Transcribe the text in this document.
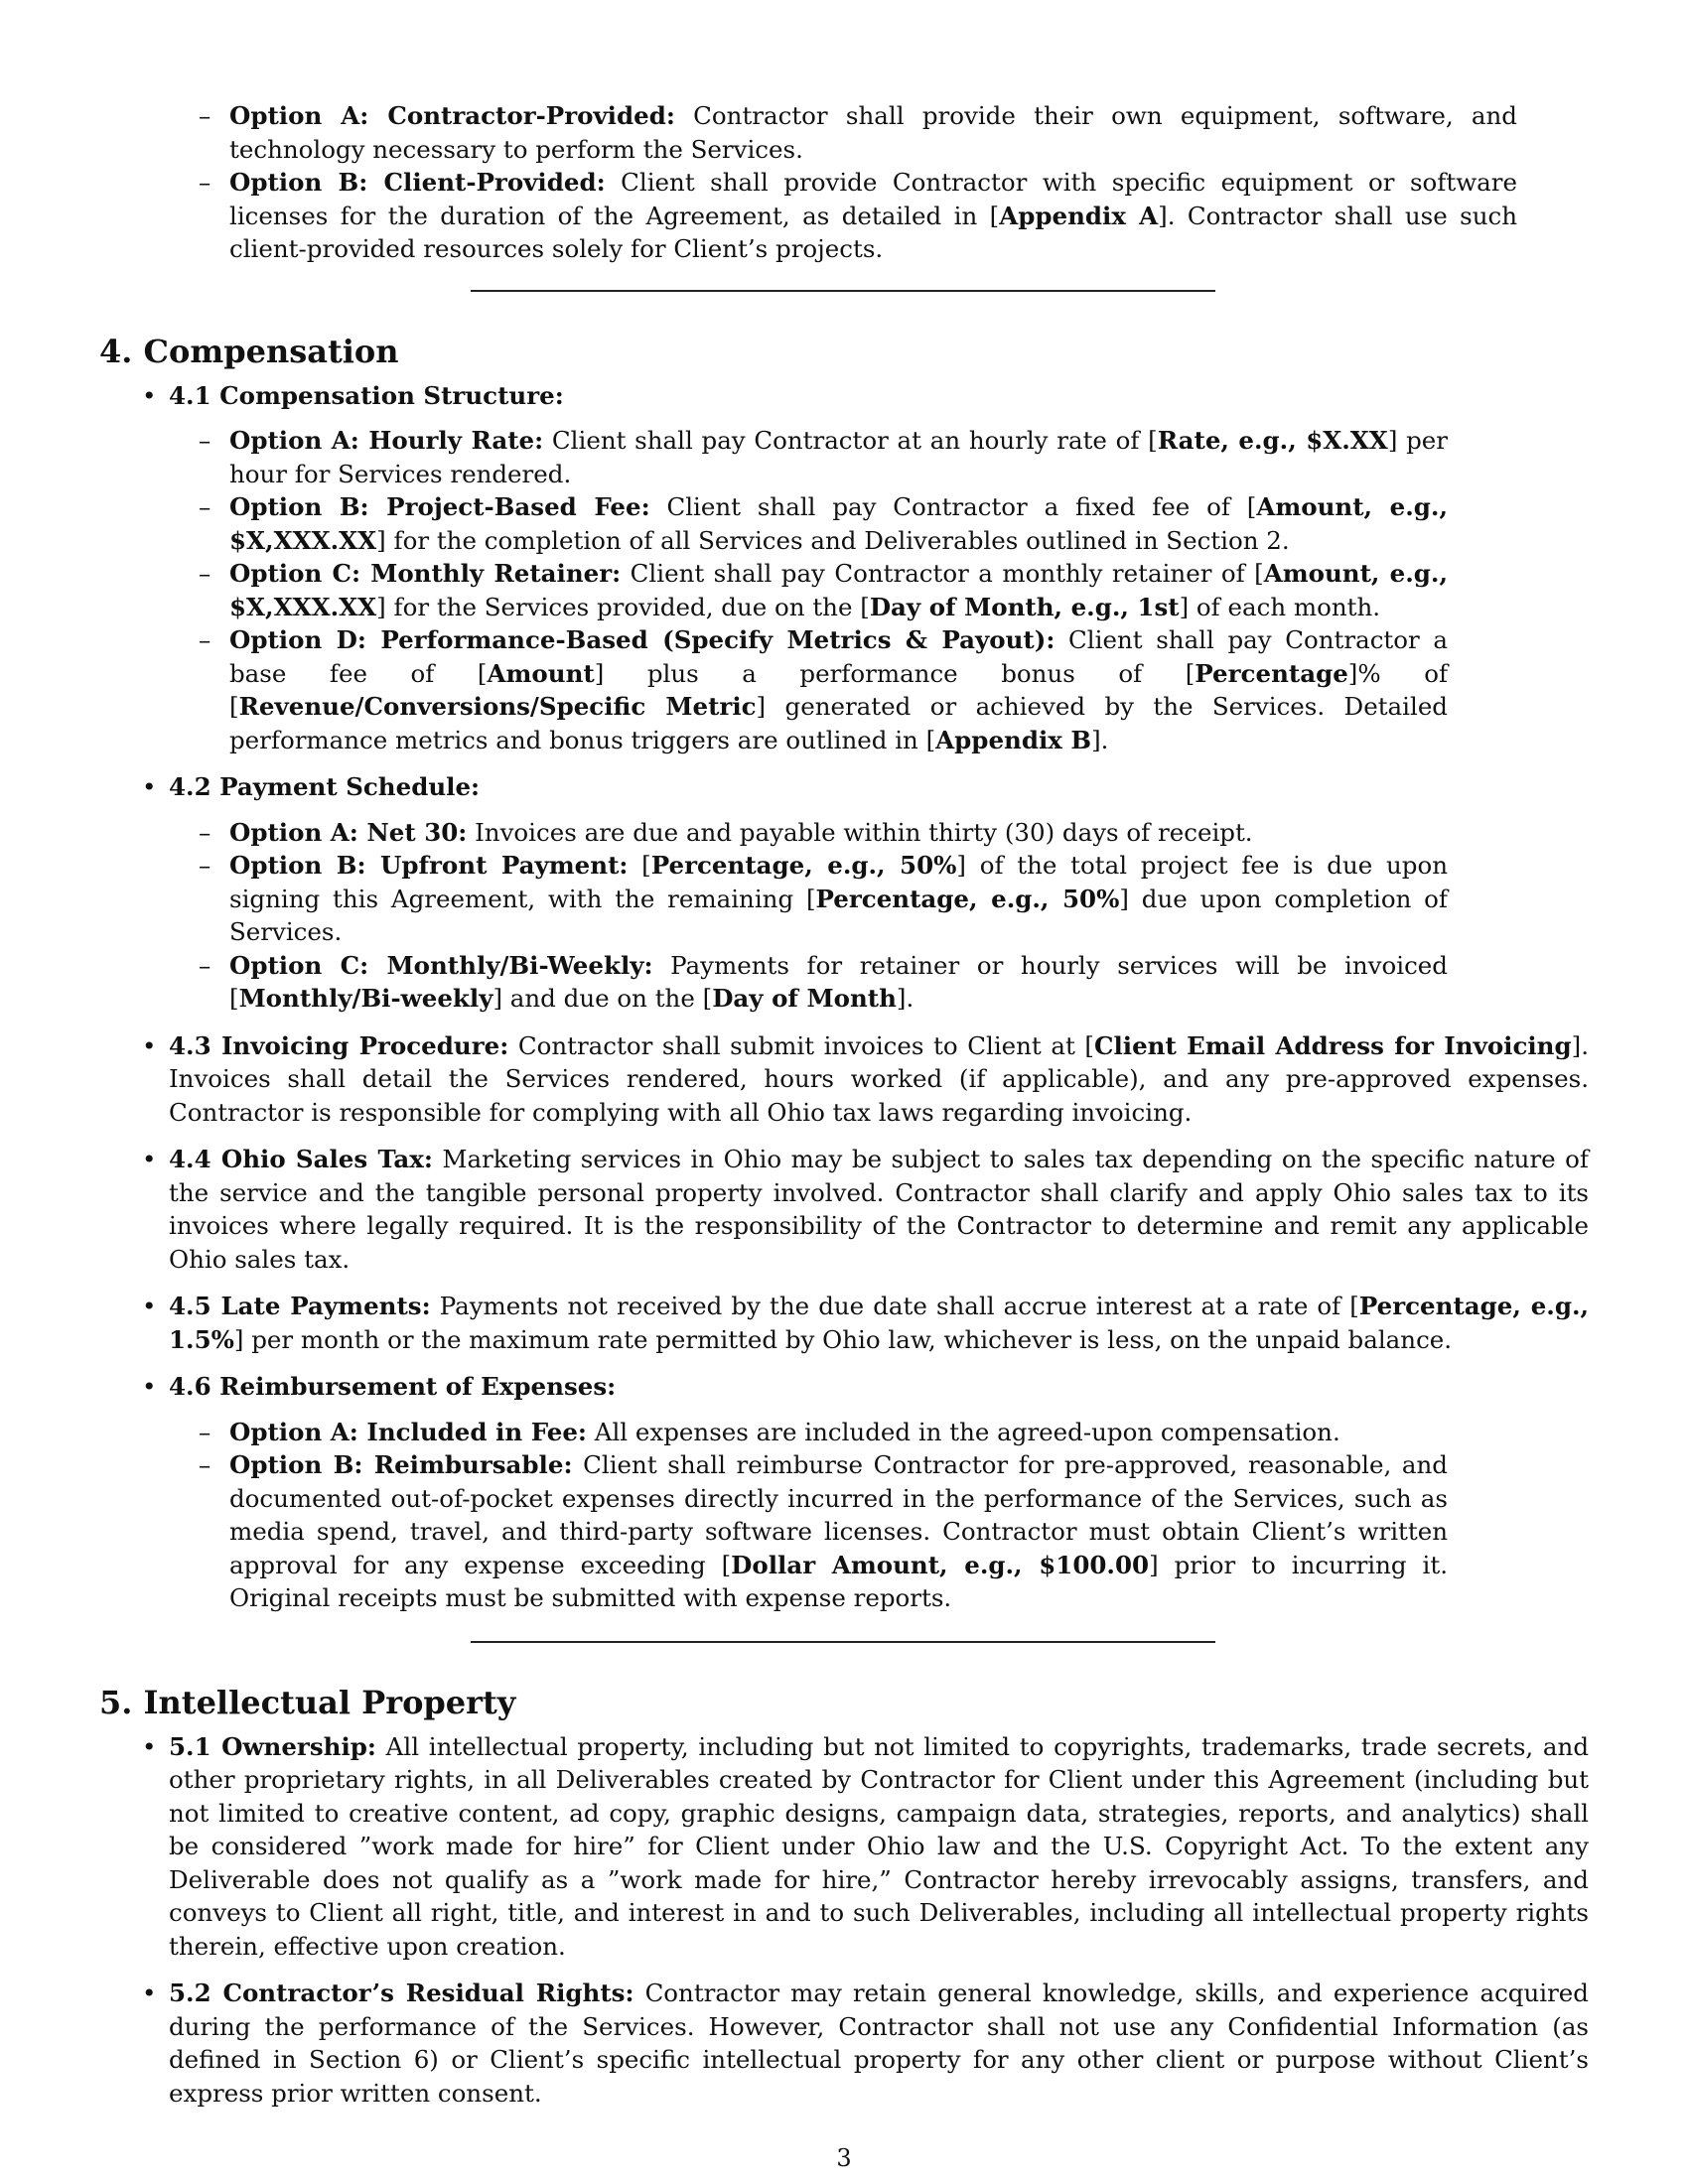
– Option A: Contractor-Provided: Contractor shall provide their own equipment, software, and technology necessary to perform the Services.
– Option B: Client-Provided: Client shall provide Contractor with specific equipment or software licenses for the duration of the Agreement, as detailed in [Appendix A]. Contractor shall use such client-provided resources solely for Client’s projects.
4. Compensation
• 4.1 Compensation Structure:
– Option A: Hourly Rate: Client shall pay Contractor at an hourly rate of [Rate, e.g., $X.XX] per hour for Services rendered.
– Option B: Project-Based Fee: Client shall pay Contractor a fixed fee of [Amount, e.g., $X,XXX.XX] for the completion of all Services and Deliverables outlined in Section 2.
– Option C: Monthly Retainer: Client shall pay Contractor a monthly retainer of [Amount, e.g., $X,XXX.XX] for the Services provided, due on the [Day of Month, e.g., 1st] of each month.
– Option D: Performance-Based (Specify Metrics & Payout): Client shall pay Contractor a base fee of [Amount] plus a performance bonus of [Percentage]% of [Revenue/Conversions/Specific Metric] generated or achieved by the Services. Detailed performance metrics and bonus triggers are outlined in [Appendix B].
• 4.2 Payment Schedule:
– Option A: Net 30: Invoices are due and payable within thirty (30) days of receipt.
– Option B: Upfront Payment: [Percentage, e.g., 50%] of the total project fee is due upon signing this Agreement, with the remaining [Percentage, e.g., 50%] due upon completion of Services.
– Option C: Monthly/Bi-Weekly: Payments for retainer or hourly services will be invoiced [Monthly/Bi-weekly] and due on the [Day of Month].
• 4.3 Invoicing Procedure: Contractor shall submit invoices to Client at [Client Email Address for Invoicing]. Invoices shall detail the Services rendered, hours worked (if applicable), and any pre-approved expenses. Contractor is responsible for complying with all Ohio tax laws regarding invoicing.
• 4.4 Ohio Sales Tax: Marketing services in Ohio may be subject to sales tax depending on the specific nature of the service and the tangible personal property involved. Contractor shall clarify and apply Ohio sales tax to its invoices where legally required. It is the responsibility of the Contractor to determine and remit any applicable Ohio sales tax.
• 4.5 Late Payments: Payments not received by the due date shall accrue interest at a rate of [Percentage, e.g., 1.5%] per month or the maximum rate permitted by Ohio law, whichever is less, on the unpaid balance.
• 4.6 Reimbursement of Expenses:
– Option A: Included in Fee: All expenses are included in the agreed-upon compensation.
– Option B: Reimbursable: Client shall reimburse Contractor for pre-approved, reasonable, and documented out-of-pocket expenses directly incurred in the performance of the Services, such as media spend, travel, and third-party software licenses. Contractor must obtain Client’s written approval for any expense exceeding [Dollar Amount, e.g., $100.00] prior to incurring it. Original receipts must be submitted with expense reports.
5. Intellectual Property
• 5.1 Ownership: All intellectual property, including but not limited to copyrights, trademarks, trade secrets, and other proprietary rights, in all Deliverables created by Contractor for Client under this Agreement (including but not limited to creative content, ad copy, graphic designs, campaign data, strategies, reports, and analytics) shall be considered ”work made for hire” for Client under Ohio law and the U.S. Copyright Act. To the extent any Deliverable does not qualify as a ”work made for hire,” Contractor hereby irrevocably assigns, transfers, and conveys to Client all right, title, and interest in and to such Deliverables, including all intellectual property rights therein, effective upon creation.
• 5.2 Contractor’s Residual Rights: Contractor may retain general knowledge, skills, and experience acquired during the performance of the Services. However, Contractor shall not use any Confidential Information (as defined in Section 6) or Client’s specific intellectual property for any other client or purpose without Client’s express prior written consent.
3
